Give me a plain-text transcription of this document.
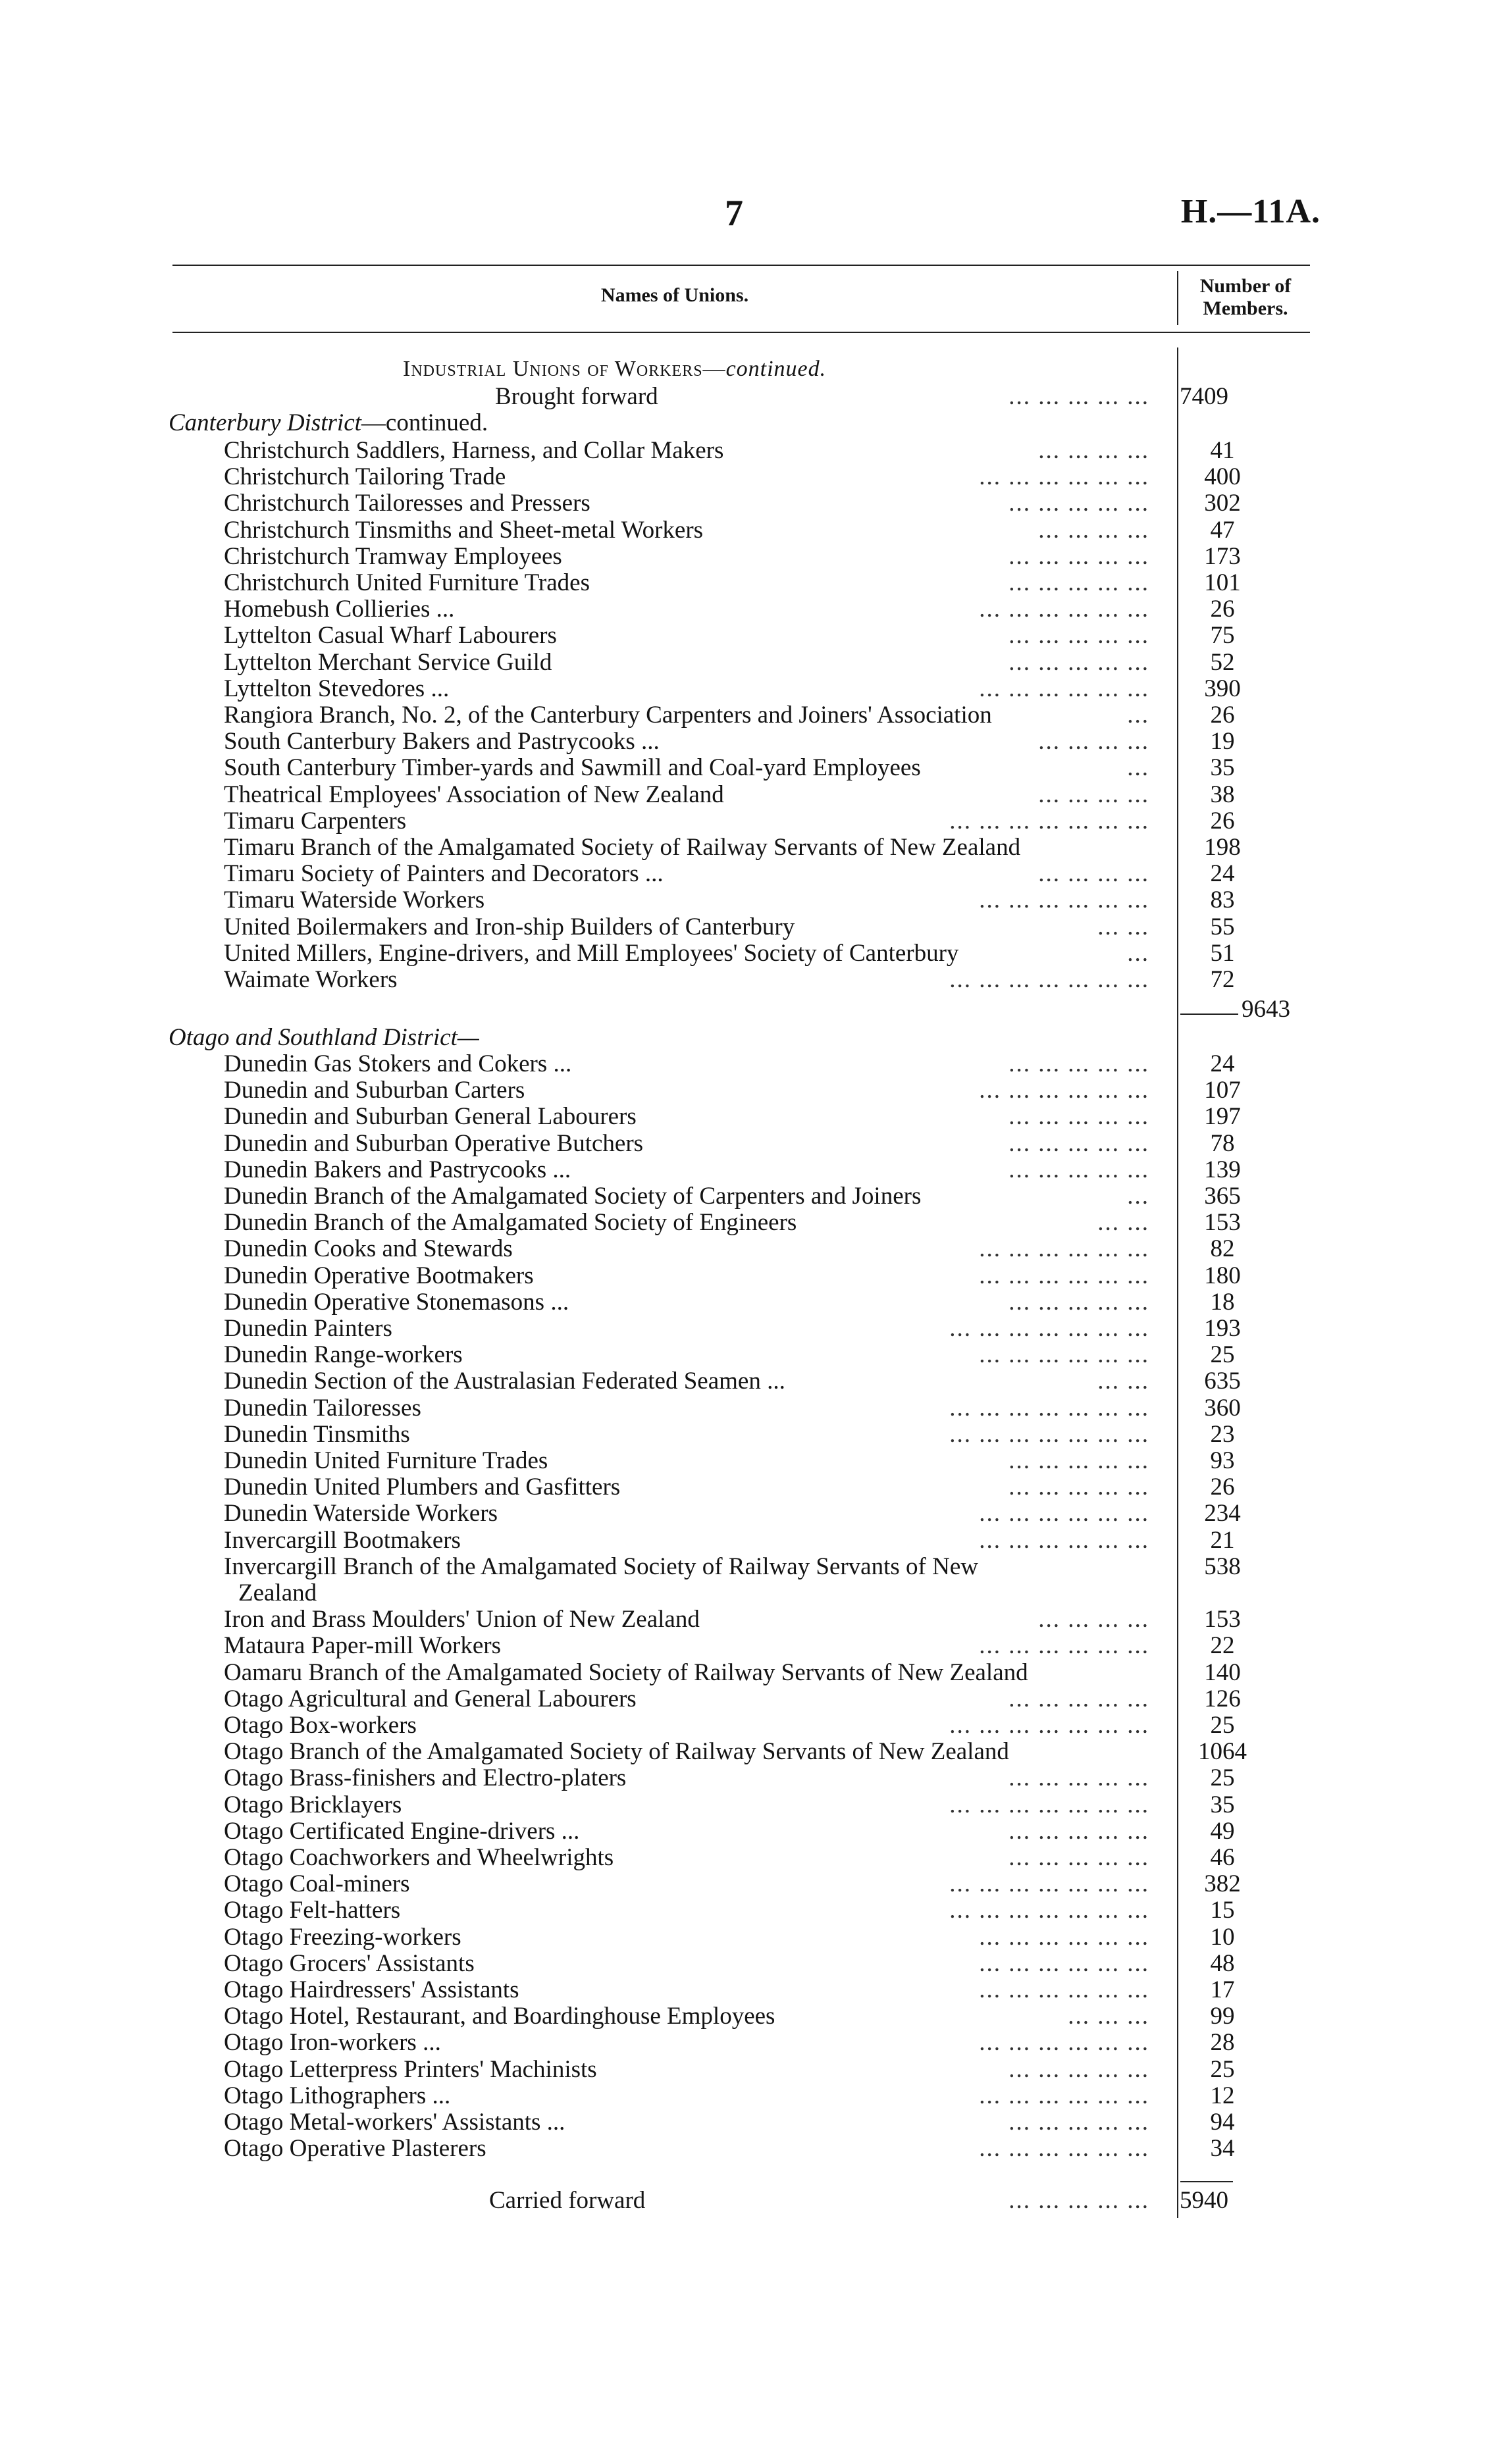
7	H.—11A.
Names of Unions.	Number of
Members.
Industrial Unions of Workers—continued.
Brought forward	... ... ... ... ... 7409
Canterbury District—continued.
Christchurch Saddlers, Harness, and Collar Makers	... ... ... ...	41
Christchurch Tailoring Trade	... ... ... ... ... ...	400
Christchurch Tailoresses and Pressers	... ... ... ... ...	302
Christchurch Tinsmiths and Sheet-metal Workers	... ... ... ...	47
Christchurch Tramway Employees	... ... ... ... ...	173
Christchurch United Furniture Trades	... ... ... ... ...	101
Homebush Collieries ...	... ... ... ... ... ...	26
Lyttelton Casual Wharf Labourers	... ... ... ... ...	75
Lyttelton Merchant Service Guild	... ... ... ... ...	52
Lyttelton Stevedores ...	... ... ... ... ... ...	390
Rangiora Branch, No. 2, of the Canterbury Carpenters and Joiners' Association	...	26
South Canterbury Bakers and Pastrycooks ...	... ... ... ...	19
South Canterbury Timber-yards and Sawmill and Coal-yard Employees	...	35
Theatrical Employees' Association of New Zealand	... ... ... ...	38
Timaru Carpenters	... ... ... ... ... ... ...	26
Timaru Branch of the Amalgamated Society of Railway Servants of New Zealand	198
Timaru Society of Painters and Decorators ...	... ... ... ...	24
Timaru Waterside Workers	... ... ... ... ... ...	83
United Boilermakers and Iron-ship Builders of Canterbury	... ...	55
United Millers, Engine-drivers, and Mill Employees' Society of Canterbury	...	51
Waimate Workers	... ... ... ... ... ... ...	72
9643
Otago and Southland District—
Dunedin Gas Stokers and Cokers ...	... ... ... ... ...	24
Dunedin and Suburban Carters	... ... ... ... ... ...	107
Dunedin and Suburban General Labourers	... ... ... ... ...	197
Dunedin and Suburban Operative Butchers	... ... ... ... ...	78
Dunedin Bakers and Pastrycooks ...	... ... ... ... ...	139
Dunedin Branch of the Amalgamated Society of Carpenters and Joiners	...	365
Dunedin Branch of the Amalgamated Society of Engineers	... ...	153
Dunedin Cooks and Stewards	... ... ... ... ... ...	82
Dunedin Operative Bootmakers	... ... ... ... ... ...	180
Dunedin Operative Stonemasons ...	... ... ... ... ...	18
Dunedin Painters	... ... ... ... ... ... ...	193
Dunedin Range-workers	... ... ... ... ... ...	25
Dunedin Section of the Australasian Federated Seamen ...	... ...	635
Dunedin Tailoresses	... ... ... ... ... ... ...	360
Dunedin Tinsmiths	... ... ... ... ... ... ...	23
Dunedin United Furniture Trades	... ... ... ... ...	93
Dunedin United Plumbers and Gasfitters	... ... ... ... ...	26
Dunedin Waterside Workers	... ... ... ... ... ...	234
Invercargill Bootmakers	... ... ... ... ... ...	21
Invercargill Branch of the Amalgamated Society of Railway Servants of New	538
Zealand
Iron and Brass Moulders' Union of New Zealand	... ... ... ...	153
Mataura Paper-mill Workers	... ... ... ... ... ...	22
Oamaru Branch of the Amalgamated Society of Railway Servants of New Zealand	140
Otago Agricultural and General Labourers	... ... ... ... ...	126
Otago Box-workers	... ... ... ... ... ... ...	25
Otago Branch of the Amalgamated Society of Railway Servants of New Zealand	1064
Otago Brass-finishers and Electro-platers	... ... ... ... ...	25
Otago Bricklayers	... ... ... ... ... ... ...	35
Otago Certificated Engine-drivers ...	... ... ... ... ...	49
Otago Coachworkers and Wheelwrights	... ... ... ... ...	46
Otago Coal-miners	... ... ... ... ... ... ...	382
Otago Felt-hatters	... ... ... ... ... ... ...	15
Otago Freezing-workers	... ... ... ... ... ...	10
Otago Grocers' Assistants	... ... ... ... ... ...	48
Otago Hairdressers' Assistants	... ... ... ... ... ...	17
Otago Hotel, Restaurant, and Boardinghouse Employees	... ... ...	99
Otago Iron-workers ...	... ... ... ... ... ...	28
Otago Letterpress Printers' Machinists	... ... ... ... ...	25
Otago Lithographers ...	... ... ... ... ... ...	12
Otago Metal-workers' Assistants ...	... ... ... ... ...	94
Otago Operative Plasterers	... ... ... ... ... ...	34
Carried forward	... ... ... ... ... 5940
